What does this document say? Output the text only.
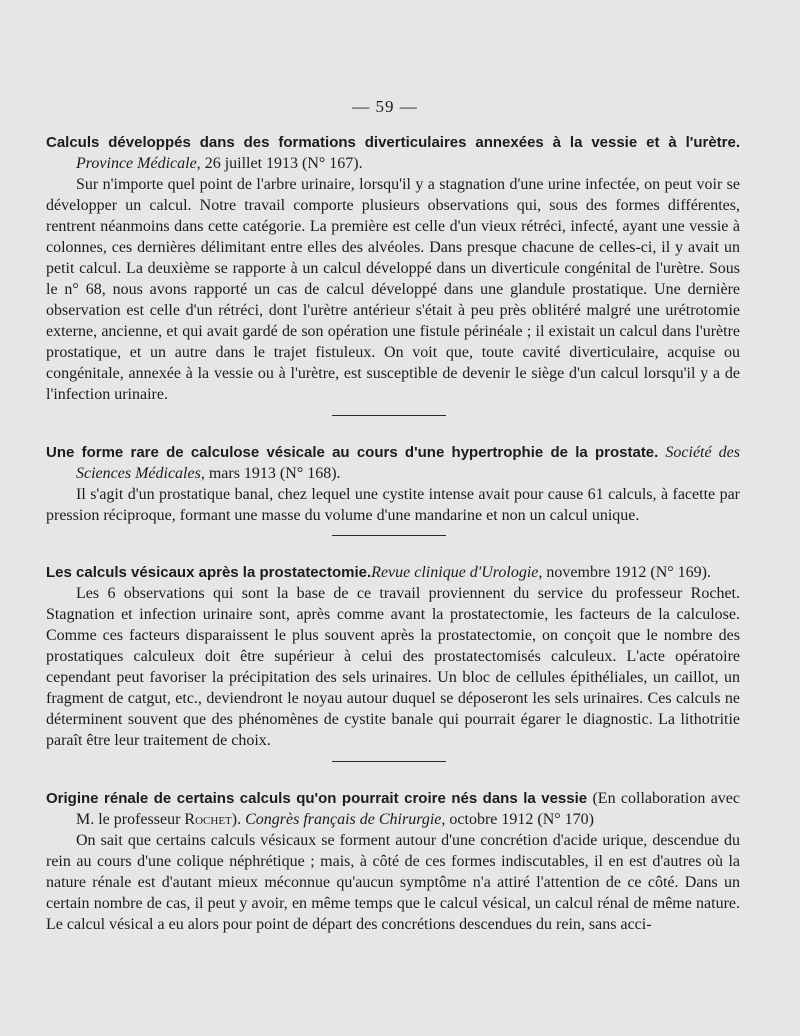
— 59 —

Calculs développés dans des formations diverticulaires annexées à la vessie et à l'urètre. Province Médicale, 26 juillet 1913 (N° 167).

Sur n'importe quel point de l'arbre urinaire, lorsqu'il y a stagnation d'une urine infectée, on peut voir se développer un calcul. Notre travail comporte plusieurs observations qui, sous des formes différentes, rentrent néanmoins dans cette catégorie. La première est celle d'un vieux rétréci, infecté, ayant une vessie à colonnes, ces dernières délimitant entre elles des alvéoles. Dans presque chacune de celles-ci, il y avait un petit calcul. La deuxième se rapporte à un calcul développé dans un diverticule congénital de l'urètre. Sous le n° 68, nous avons rapporté un cas de calcul développé dans une glandule prostatique. Une dernière observation est celle d'un rétréci, dont l'urètre antérieur s'était à peu près oblitéré malgré une urétrotomie externe, ancienne, et qui avait gardé de son opération une fistule périnéale ; il existait un calcul dans l'urètre prostatique, et un autre dans le trajet fistuleux. On voit que, toute cavité diverticulaire, acquise ou congénitale, annexée à la vessie ou à l'urètre, est susceptible de devenir le siège d'un calcul lorsqu'il y a de l'infection urinaire.

Une forme rare de calculose vésicale au cours d'une hypertrophie de la prostate. Société des Sciences Médicales, mars 1913 (N° 168).

Il s'agit d'un prostatique banal, chez lequel une cystite intense avait pour cause 61 calculs, à facette par pression réciproque, formant une masse du volume d'une mandarine et non un calcul unique.

Les calculs vésicaux après la prostatectomie.Revue clinique d'Urologie, novembre 1912 (N° 169).

Les 6 observations qui sont la base de ce travail proviennent du service du professeur Rochet. Stagnation et infection urinaire sont, après comme avant la prostatectomie, les facteurs de la calculose. Comme ces facteurs disparaissent le plus souvent après la prostatectomie, on conçoit que le nombre des prostatiques calculeux doit être supérieur à celui des prostatectomisés calculeux. L'acte opératoire cependant peut favoriser la précipitation des sels urinaires. Un bloc de cellules épithéliales, un caillot, un fragment de catgut, etc., deviendront le noyau autour duquel se déposeront les sels urinaires. Ces calculs ne déterminent souvent que des phénomènes de cystite banale qui pourrait égarer le diagnostic. La lithotritie paraît être leur traitement de choix.

Origine rénale de certains calculs qu'on pourrait croire nés dans la vessie (En collaboration avec M. le professeur Rochet). Congrès français de Chirurgie, octobre 1912 (N° 170)

On sait que certains calculs vésicaux se forment autour d'une concrétion d'acide urique, descendue du rein au cours d'une colique néphrétique ; mais, à côté de ces formes indiscutables, il en est d'autres où la nature rénale est d'autant mieux méconnue qu'aucun symptôme n'a attiré l'attention de ce côté. Dans un certain nombre de cas, il peut y avoir, en même temps que le calcul vésical, un calcul rénal de même nature. Le calcul vésical a eu alors pour point de départ des concrétions descendues du rein, sans acci-
